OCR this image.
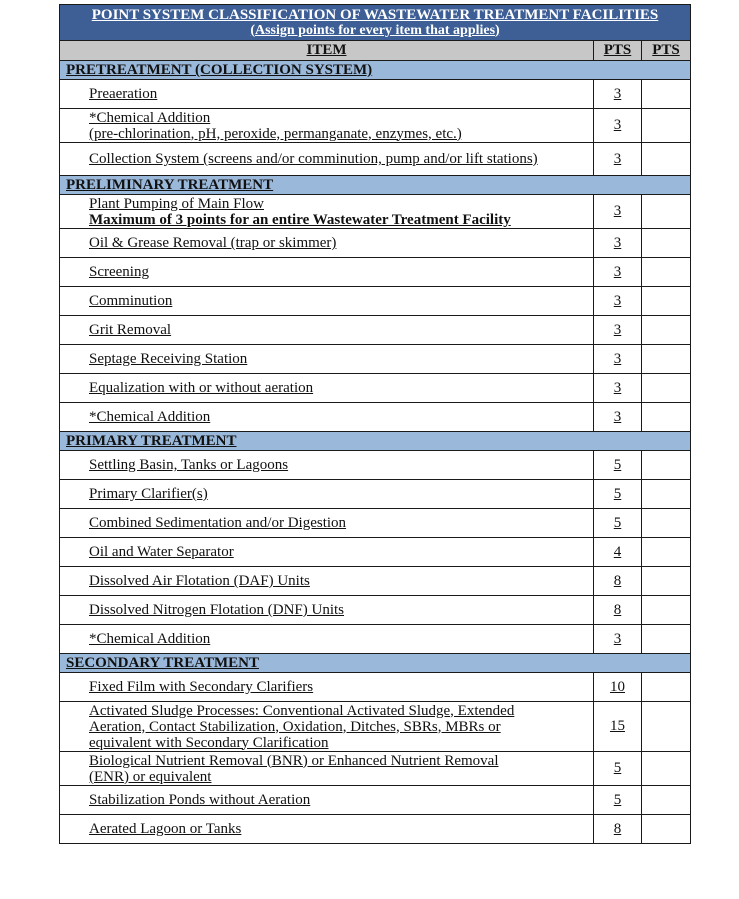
POINT SYSTEM CLASSIFICATION OF WASTEWATER TREATMENT FACILITIES
(Assign points for every item that applies)		

ITEM	PTS	PTS
PRETREATMENT (COLLECTION SYSTEM)		

Preaeration	3	

*Chemical Addition
(pre-chlorination, pH, peroxide, permanganate, enzymes, etc.)	3	

Collection System (screens and/or comminution, pump and/or lift stations)	3	
PRELIMINARY TREATMENT		

Plant Pumping of Main Flow
Maximum of 3 points for an entire Wastewater Treatment Facility	3	

Oil & Grease Removal (trap or skimmer)	3	

Screening	3	

Comminution	3	

Grit Removal	3	

Septage Receiving Station	3	

Equalization with or without aeration	3	

*Chemical Addition	3	
PRIMARY TREATMENT		

Settling Basin, Tanks or Lagoons	5	

Primary Clarifier(s)	5	

Combined Sedimentation and/or Digestion	5	

Oil and Water Separator	4	

Dissolved Air Flotation (DAF) Units	8	

Dissolved Nitrogen Flotation (DNF) Units	8	

*Chemical Addition	3	
SECONDARY TREATMENT		

Fixed Film with Secondary Clarifiers	10	

Activated Sludge Processes: Conventional Activated Sludge, Extended
Aeration, Contact Stabilization, Oxidation, Ditches, SBRs, MBRs or
equivalent with Secondary Clarification	15	

Biological Nutrient Removal (BNR) or Enhanced Nutrient Removal
(ENR) or equivalent	5	

Stabilization Ponds without Aeration	5	

Aerated Lagoon or Tanks	8	
